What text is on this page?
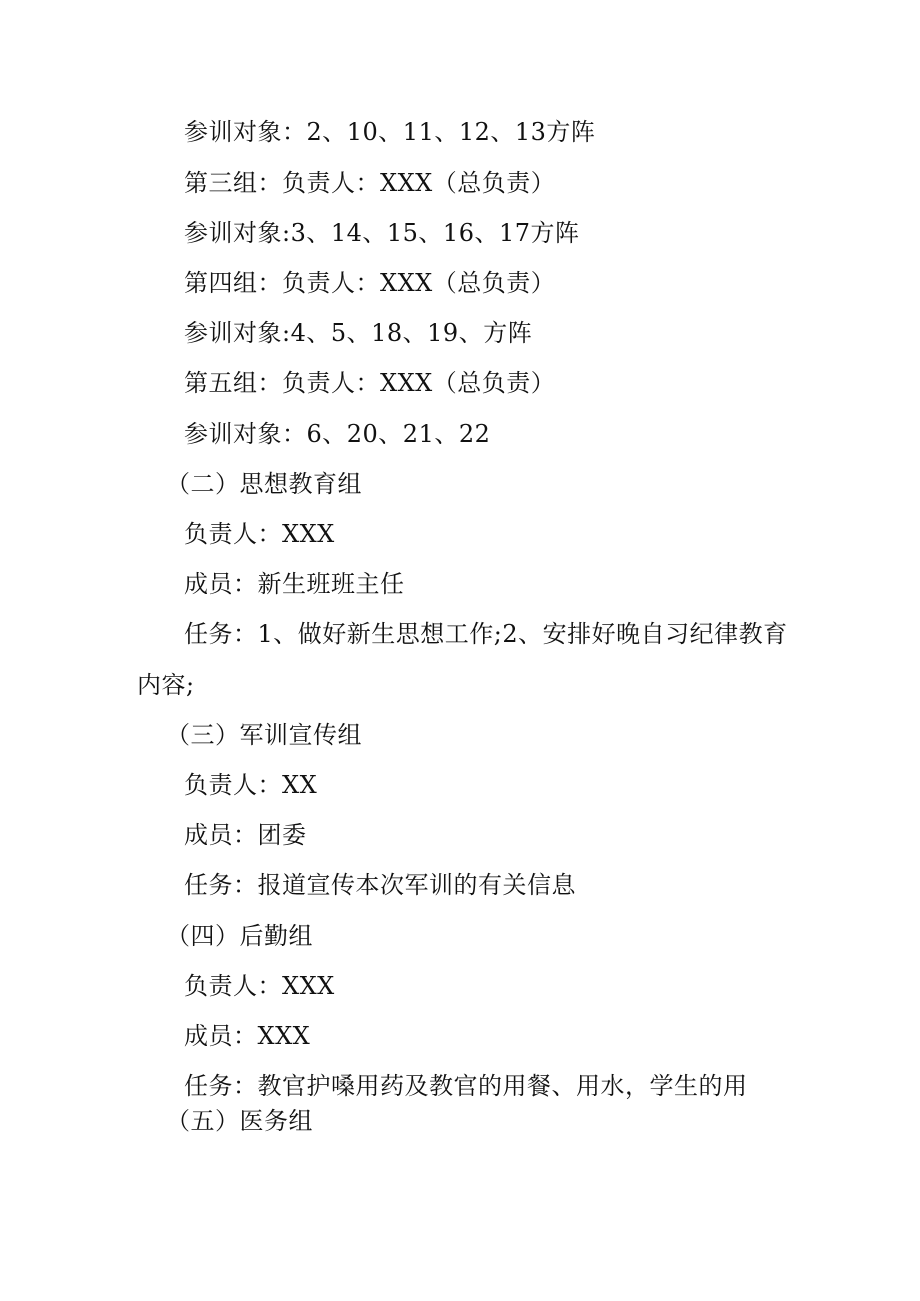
参训对象：2、10、11、12、13方阵
第三组：负责人：XXX（总负责）
参训对象:3、14、15、16、17方阵
第四组：负责人：XXX（总负责）
参训对象:4、5、18、19、方阵
第五组：负责人：XXX（总负责）
参训对象：6、20、21、22
（二）思想教育组
负责人：XXX
成员：新生班班主任
任务：1、做好新生思想工作;2、安排好晚自习纪律教育
内容;
（三）军训宣传组
负责人：XX
成员：团委
任务：报道宣传本次军训的有关信息
（四）后勤组
负责人：XXX
成员：XXX
任务：教官护嗓用药及教官的用餐、用水，学生的用
（五）医务组
